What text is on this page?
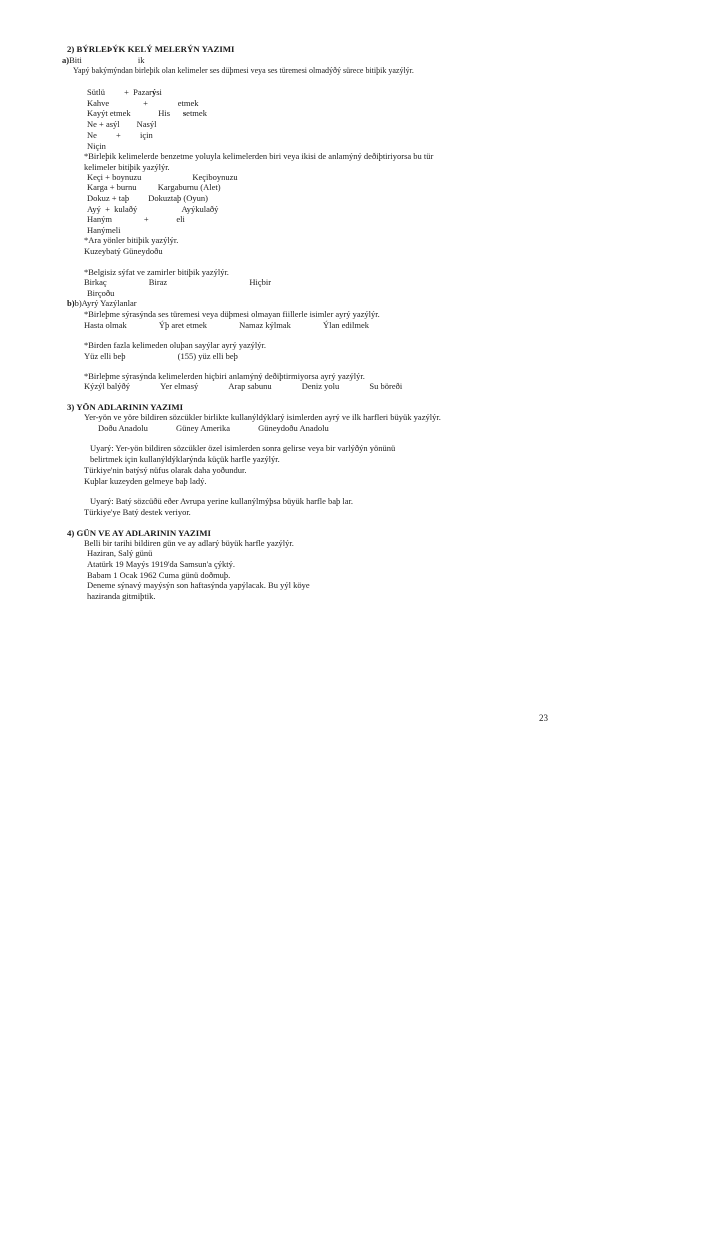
2) BÝRLEÞÝK KELÝ MELERÝN YAZIMI
a)Biti	ik
Yapý bakýmýndan birleþik olan kelimeler ses düþmesi veya ses türemesi olmadýðý sürece bitiþik yazýlýr.
Sütlü         +  Pazarýsi
Kahve                +              etmek
Kayýt etmek             His      setmek
Ne + asýl        Nasýl
Ne         +         için
Niçin
*Birleþik kelimelerde benzetme yoluyla kelimelerden biri veya ikisi de anlamýný deðiþtiriyorsa bu tür kelimeler bitiþik yazýlýr.
Keçi + boynuzu                        Keçiboynuzu
Karga + burnu          Kargaburnu (Alet)
Dokuz + taþ         Dokuztaþ (Oyun)
Ayý  +  kulaðý                     Ayýkulaðý
Haným               +             eli
Hanýmeli
*Ara yönler bitiþik yazýlýr.
Kuzeybatý Güneydoðu
*Belgisiz sýfat ve zamirler bitiþik yazýlýr.
Birkaç	Biraz	Hiçbir
Birçoðu
b)b)Ayrý Yazýlanlar
*Birleþme sýrasýnda ses türemesi veya düþmesi olmayan fiillerle isimler ayrý yazýlýr.
Hasta olmak	Ýþ aret etmek	Namaz kýlmak	Ýlan edilmek
*Birden fazla kelimeden oluþan sayýlar ayrý yazýlýr.
Yüz elli beþ	(155) yüz elli beþ
*Birleþme sýrasýnda kelimelerden hiçbiri anlamýný deðiþtirmiyorsa ayrý yazýlýr.
Kýzýl balýðý	Yer elmasý	Arap sabunu	Deniz yolu	Su böreði
3) YÖN ADLARININ YAZIMI
Yer-yön ve yöre bildiren sözcükler birlikte kullanýldýklarý isimlerden ayrý ve ilk harfleri büyük yazýlýr.
Doðu Anadolu	Güney Amerika	Güneydoðu Anadolu
Uyarý: Yer-yön bildiren sözcükler özel isimlerden sonra gelirse veya bir varlýðýn yönünü belirtmek için kullanýldýklarýnda küçük harfle yazýlýr.
Türkiye'nin batýsý nüfus olarak daha yoðundur. Kuþlar kuzeyden gelmeye baþ ladý.
Uyarý: Batý sözcüðü eðer Avrupa yerine kullanýlmýþsa büyük harfle baþ lar.
Türkiye'ye Batý destek veriyor.
4) GÜN VE AY ADLARININ YAZIMI
Belli bir tarihi bildiren gün ve ay adlarý büyük harfle yazýlýr.
Atatürk 19 Mayýs 1919'da Samsun'a çýktý.
Babam 1 Ocak 1962 Cuma günü doðmuþ.
Deneme sýnavý mayýsýn son haftasýnda yapýlacak. Bu yýl köye haziranda gitmiþtik.
Haziran, Salý günü
23
